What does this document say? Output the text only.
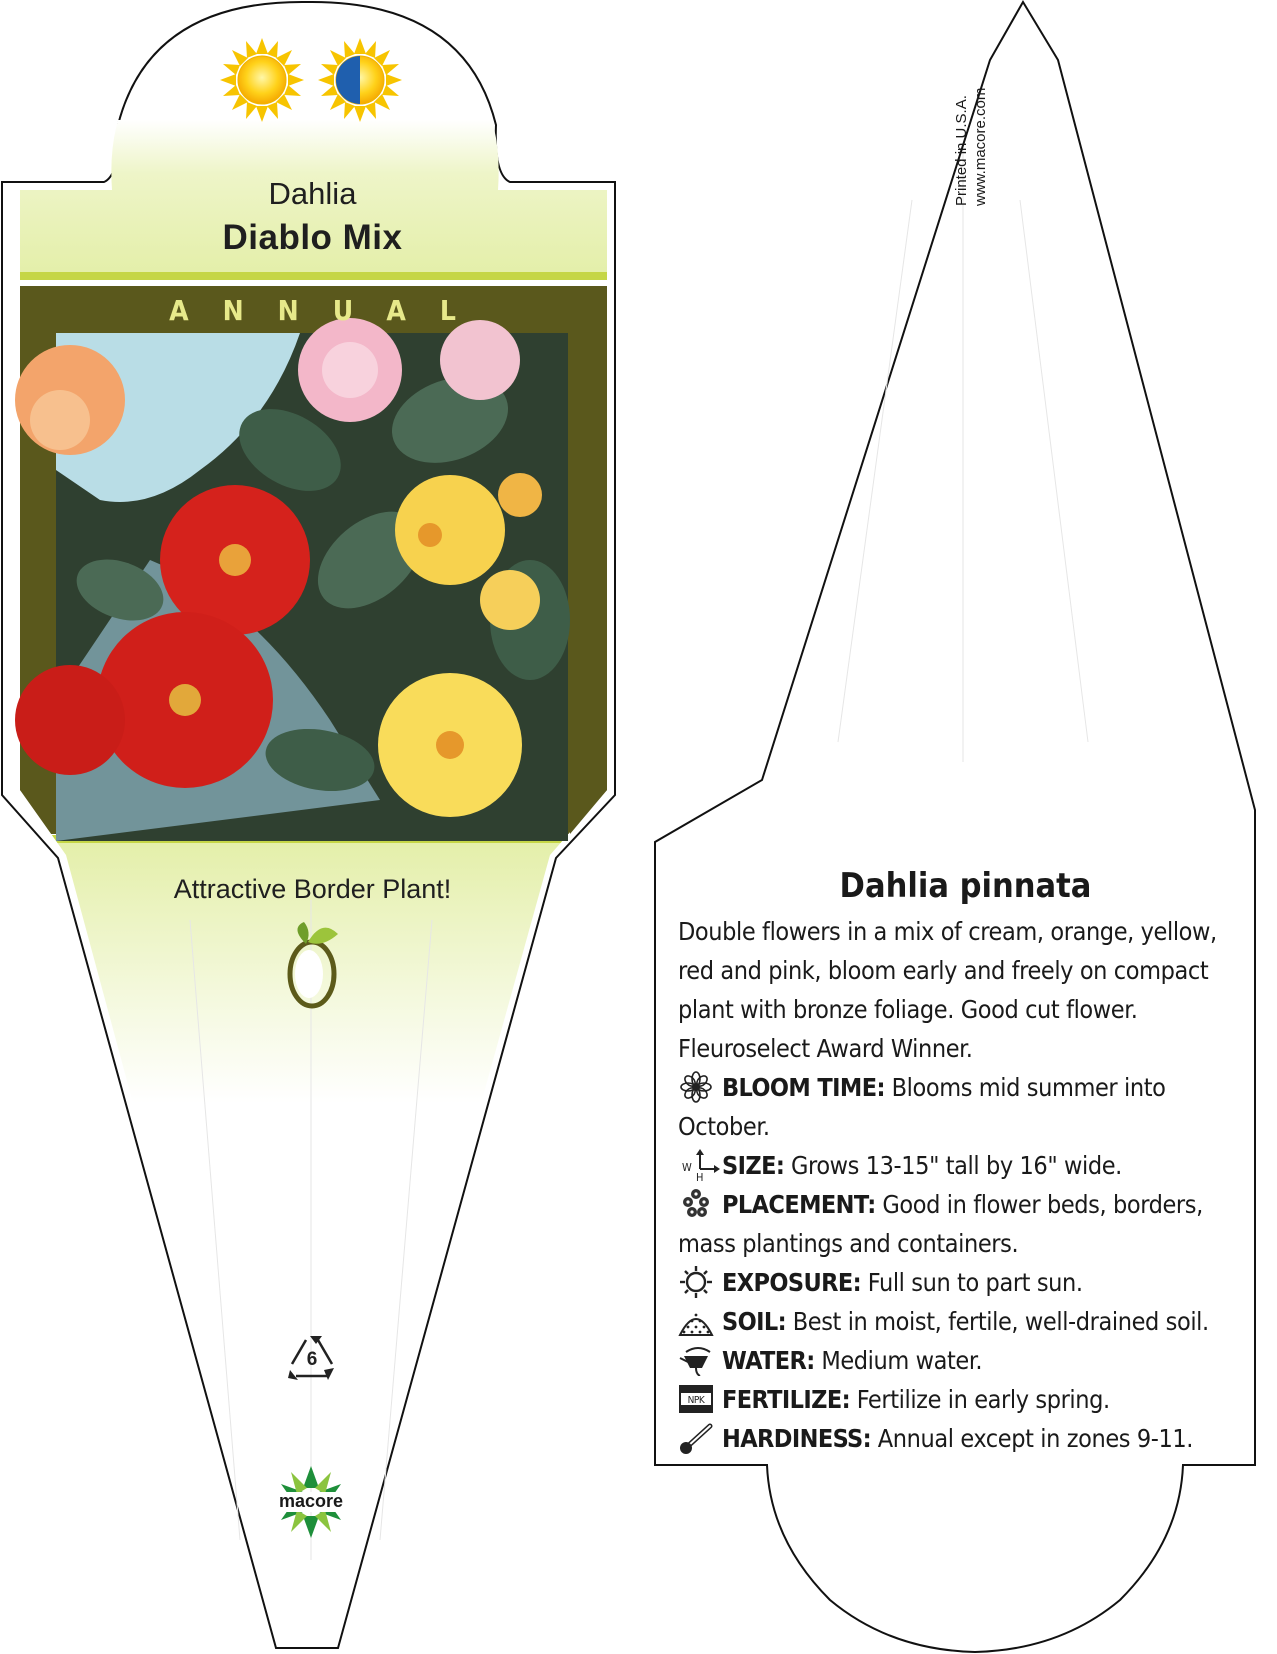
Dahlia
Diablo Mix
ANNUAL
Attractive Border Plant!
6
macore
Printed in U.S.A. www.macore.com
Dahlia pinnata

Double flowers in a mix of cream, orange, yellow, red and pink, bloom early and freely on compact plant with bronze foliage. Good cut flower. Fleuroselect Award Winner.

BLOOM TIME: Blooms mid summer into October.

W
H SIZE: Grows 13-15" tall by 16" wide.

PLACEMENT: Good in flower beds, borders, mass plantings and containers.

EXPOSURE: Full sun to part sun.

SOIL: Best in moist, fertile, well-drained soil.

WATER: Medium water.

NPK FERTILIZE: Fertilize in early spring.

HARDINESS: Annual except in zones 9-11.
